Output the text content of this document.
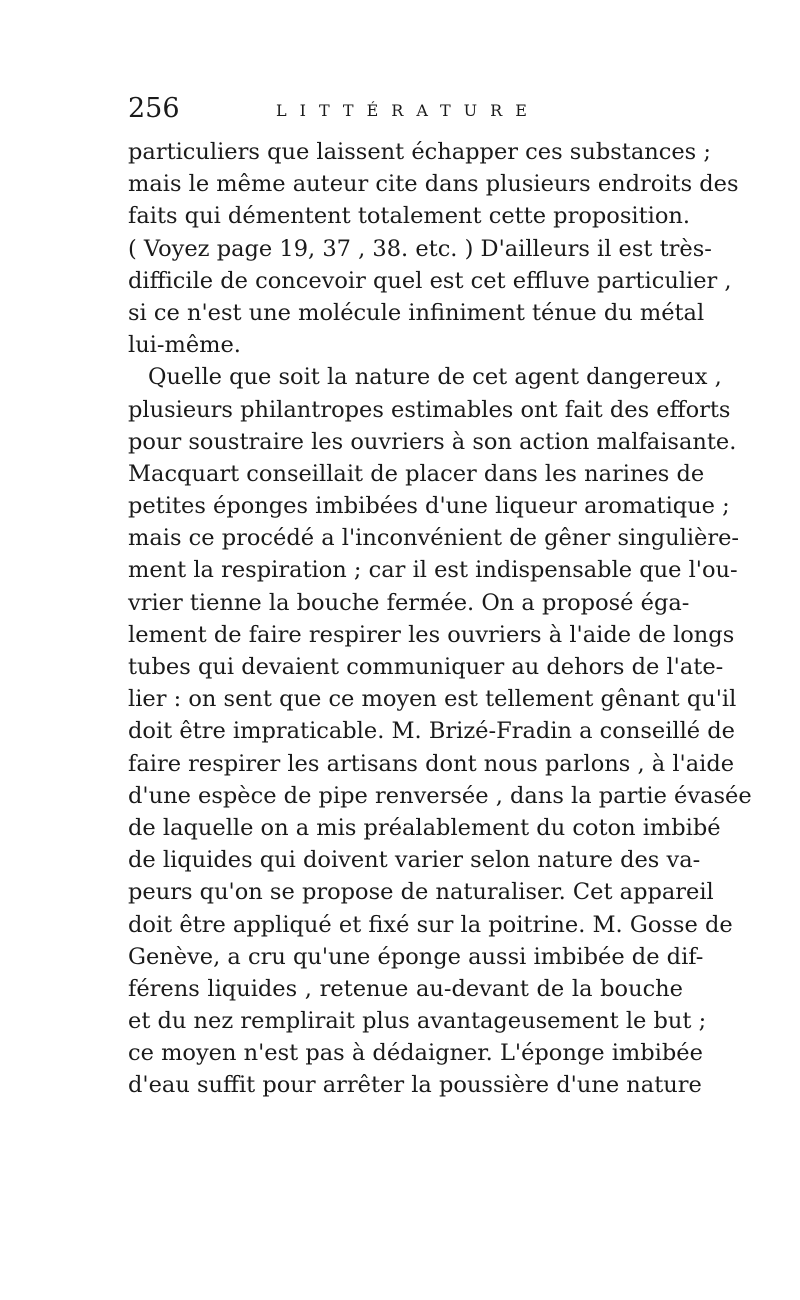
256	LITTÉRATURE
particuliers que laissent échapper ces substances ;
mais le même auteur cite dans plusieurs endroits des
faits qui démentent totalement cette proposition.
( Voyez page 19, 37 , 38. etc. ) D'ailleurs il est très-
difficile de concevoir quel est cet effluve particulier ,
si ce n'est une molécule infiniment ténue du métal
lui-même.
Quelle que soit la nature de cet agent dangereux ,
plusieurs philantropes estimables ont fait des efforts
pour soustraire les ouvriers à son action malfaisante.
Macquart conseillait de placer dans les narines de
petites éponges imbibées d'une liqueur aromatique ;
mais ce procédé a l'inconvénient de gêner singulière-
ment la respiration ; car il est indispensable que l'ou-
vrier tienne la bouche fermée. On a proposé éga-
lement de faire respirer les ouvriers à l'aide de longs
tubes qui devaient communiquer au dehors de l'ate-
lier : on sent que ce moyen est tellement gênant qu'il
doit être impraticable. M. Brizé-Fradin a conseillé de
faire respirer les artisans dont nous parlons , à l'aide
d'une espèce de pipe renversée , dans la partie évasée
de laquelle on a mis préalablement du coton imbibé
de liquides qui doivent varier selon nature des va-
peurs qu'on se propose de naturaliser. Cet appareil
doit être appliqué et fixé sur la poitrine. M. Gosse de
Genève, a cru qu'une éponge aussi imbibée de dif-
férens liquides , retenue au-devant de la bouche
et du nez remplirait plus avantageusement le but ;
ce moyen n'est pas à dédaigner. L'éponge imbibée
d'eau suffit pour arrêter la poussière d'une nature
